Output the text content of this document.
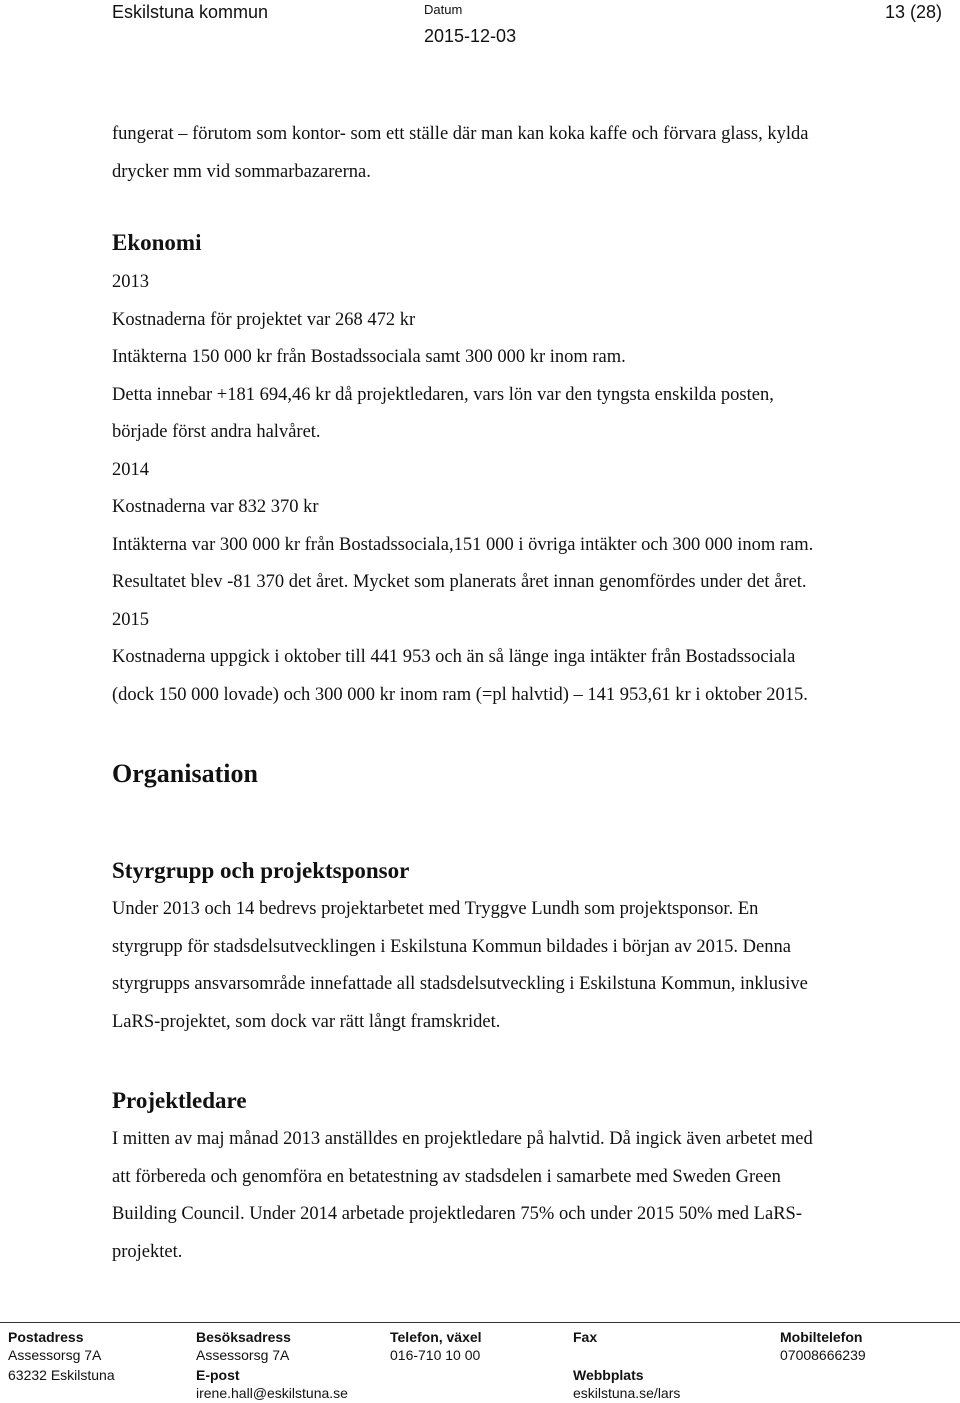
Eskilstuna kommun	Datum
2015-12-03
13 (28)

fungerat – förutom som kontor- som ett ställe där man kan koka kaffe och förvara glass, kylda

drycker mm vid sommarbazarerna.

Ekonomi

2013

Kostnaderna för projektet var 268 472 kr

Intäkterna 150 000 kr från Bostadssociala samt 300 000 kr inom ram.

Detta innebar +181 694,46 kr då projektledaren, vars lön var den tyngsta enskilda posten,

började först andra halvåret.

2014

Kostnaderna var 832 370 kr

Intäkterna var 300 000 kr från Bostadssociala,151 000 i övriga intäkter och 300 000 inom ram.

Resultatet blev -81 370 det året. Mycket som planerats året innan genomfördes under det året.

2015

Kostnaderna uppgick i oktober till 441 953 och än så länge inga intäkter från Bostadssociala

(dock 150 000 lovade) och 300 000 kr inom ram (=pl halvtid) – 141 953,61 kr i oktober 2015.

Organisation
Styrgrupp och projektsponsor

Under 2013 och 14 bedrevs projektarbetet med Tryggve Lundh som projektsponsor. En

styrgrupp för stadsdelsutvecklingen i Eskilstuna Kommun bildades i början av 2015. Denna

styrgrupps ansvarsområde innefattade all stadsdelsutveckling i Eskilstuna Kommun, inklusive

LaRS-projektet, som dock var rätt långt framskridet.

Projektledare

I mitten av maj månad 2013 anställdes en projektledare på halvtid. Då ingick även arbetet med

att förbereda och genomföra en betatestning av stadsdelen i samarbete med Sweden Green

Building Council. Under 2014 arbetade projektledaren 75% och under 2015 50% med LaRS-

projektet.

Postadress
Assessorsg 7A
63232 Eskilstuna
Besöksadress
Assessorsg 7A
E-post
irene.hall@eskilstuna.se
Telefon, växel
016-710 10 00
Fax
Webbplats
eskilstuna.se/lars
Mobiltelefon
07008666239
